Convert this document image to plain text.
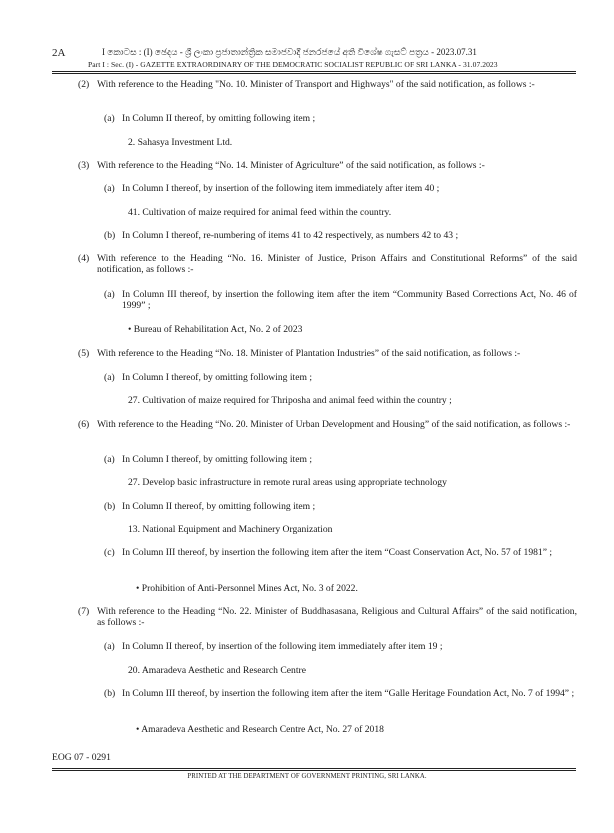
2A	I කොටස : (I) ඡෙදය - ශ්‍රී ලංකා ප්‍රජාතාන්ත්‍රික සමාජවාදී ජනරජයේ අති විශේෂ ගැසට් පත්‍රය - 2023.07.31
Part I : Sec. (I) - GAZETTE EXTRAORDINARY OF THE DEMOCRATIC SOCIALIST REPUBLIC OF SRI LANKA - 31.07.2023
(2) With reference to the Heading "No. 10. Minister of Transport and Highways" of the said notification, as follows :-
(a) In Column II thereof, by omitting following item ;
2. Sahasya Investment Ltd.
(3) With reference to the Heading “No. 14. Minister of Agriculture” of the said notification, as follows :-
(a) In Column I thereof, by insertion of the following item immediately after item 40 ;
41. Cultivation of maize required for animal feed within the country.
(b) In Column I thereof, re-numbering of items 41 to 42 respectively, as numbers 42 to 43 ;
(4) With reference to the Heading “No. 16. Minister of Justice, Prison Affairs and Constitutional Reforms” of the said notification, as follows :-
(a) In Column III thereof, by insertion the following item after the item “Community Based Corrections Act, No. 46 of 1999” ;
• Bureau of Rehabilitation Act, No. 2 of 2023
(5) With reference to the Heading “No. 18. Minister of Plantation Industries” of the said notification, as follows :-
(a) In Column I thereof, by omitting following item ;
27. Cultivation of maize required for Thriposha and animal feed within the country ;
(6) With reference to the Heading “No. 20. Minister of Urban Development and Housing” of the said notification, as follows :-
(a) In Column I thereof, by omitting following item ;
27. Develop basic infrastructure in remote rural areas using appropriate technology
(b) In Column II thereof, by omitting following item ;
13. National Equipment and Machinery Organization
(c) In Column III thereof, by insertion the following item after the item “Coast Conservation Act, No. 57 of 1981” ;
• Prohibition of Anti-Personnel Mines Act, No. 3 of 2022.
(7) With reference to the Heading “No. 22. Minister of Buddhasasana, Religious and Cultural Affairs” of the said notification, as follows :-
(a) In Column II thereof, by insertion of the following item immediately after item 19 ;
20. Amaradeva Aesthetic and Research Centre
(b) In Column III thereof, by insertion the following item after the item “Galle Heritage Foundation Act, No. 7 of 1994” ;
• Amaradeva Aesthetic and Research Centre Act, No. 27 of 2018
EOG 07 - 0291
PRINTED AT THE DEPARTMENT OF GOVERNMENT PRINTING, SRI LANKA.
